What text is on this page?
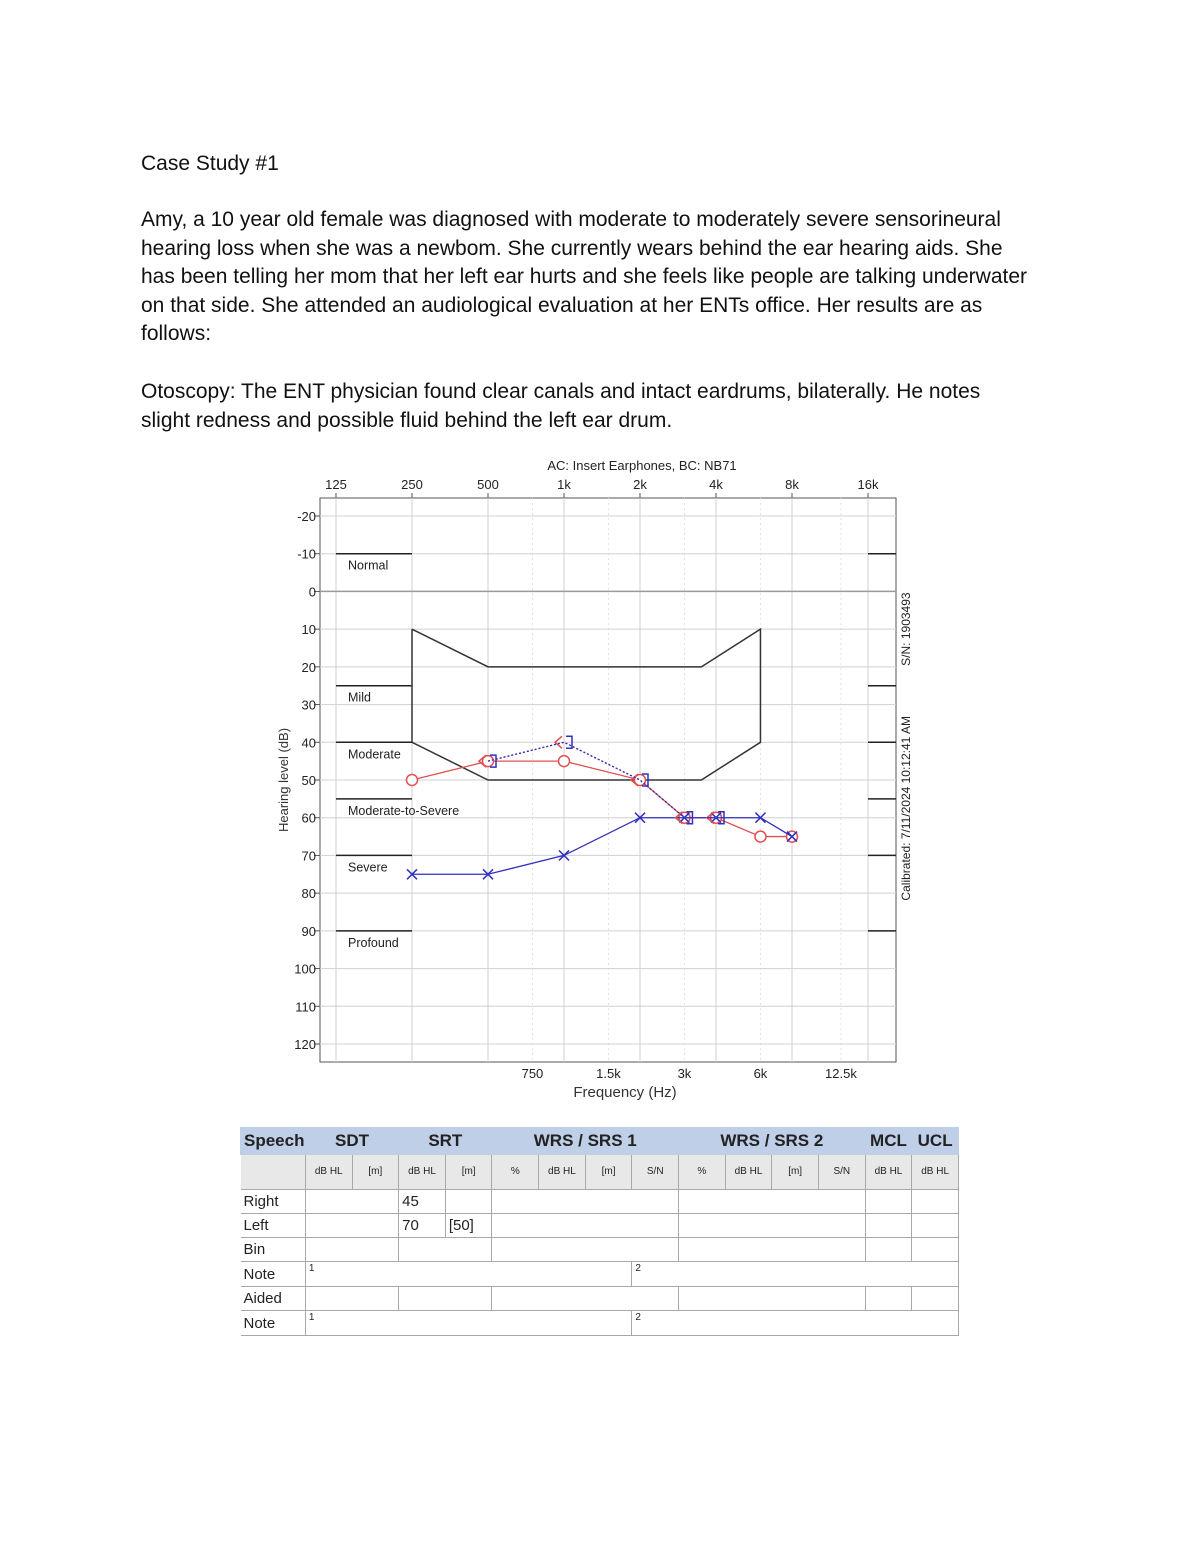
Case Study #1
Amy, a 10 year old female was diagnosed with moderate to moderately severe sensorineural
hearing loss when she was a newbom. She currently wears behind the ear hearing aids. She
has been telling her mom that her left ear hurts and she feels like people are talking underwater
on that side. She attended an audiological evaluation at her ENTs office. Her results are as
follows:
Otoscopy: The ENT physician found clear canals and intact eardrums, bilaterally. He notes
slight redness and possible fluid behind the left ear drum.
-20
-10
0
10
20
30
40
50
60
70
80
90
100
110
120
125	250	500	1k	2k	4k	8k	16k
750	1.5k	3k	6k	12.5k
AC: Insert Earphones, BC: NB71
Frequency (Hz)
Hearing level (dB)
S/N: 1903493
Calibrated: 7/11/2024 10:12:41 AM
Normal
Mild
Moderate
Moderate-to-Severe
Severe
Profound
Speech	SDT		SRT		WRS / SRS 1				WRS / SRS 2				MCL	UCL
	dB HL	[m]	dB HL	[m]	%	dB HL	[m]	S/N	%	dB HL	[m]	S/N	dB HL	dB HL
Right			45											
Left			70	[50]										
Bin														
Note	1							2						
Aided														
Note	1							2						
